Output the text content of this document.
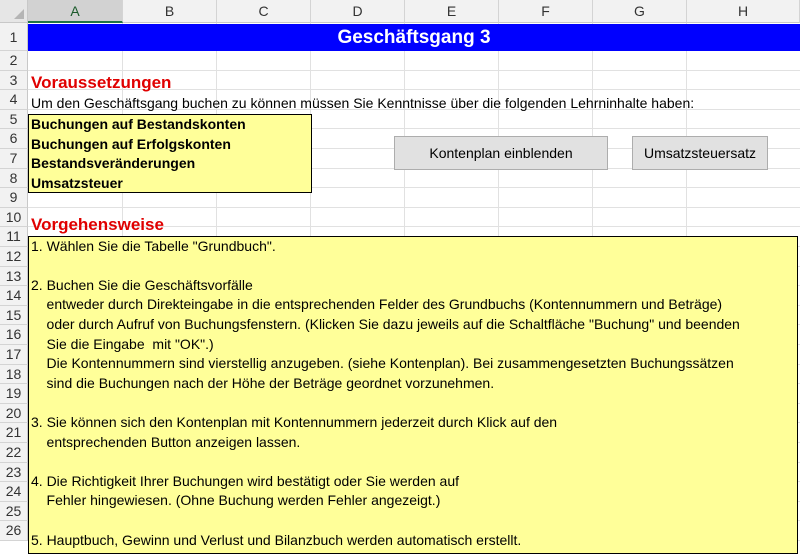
A	B	C	D	E	F	G	H
1
2
3
4
5
6
7
8
9
10
11
12
13
14
15
16
17
18
19
20
21
22
23
24
25
26
Geschäftsgang 3
Voraussetzungen
Um den Geschäftsgang buchen zu können müssen Sie Kenntnisse über die folgenden Lehrninhalte haben:
Buchungen auf Bestandskonten
Buchungen auf Erfolgskonten
Bestandsveränderungen
Umsatzsteuer
Kontenplan einblenden	Umsatzsteuersatz
Vorgehensweise
1. Wählen Sie die Tabelle "Grundbuch".
2. Buchen Sie die Geschäftsvorfälle
entweder durch Direkteingabe in die entsprechenden Felder des Grundbuchs (Kontennummern und Beträge)
oder durch Aufruf von Buchungsfenstern. (Klicken Sie dazu jeweils auf die Schaltfläche "Buchung" und beenden
Sie die Eingabe  mit "OK".)
Die Kontennummern sind vierstellig anzugeben. (siehe Kontenplan). Bei zusammengesetzten Buchungssätzen
sind die Buchungen nach der Höhe der Beträge geordnet vorzunehmen.
3. Sie können sich den Kontenplan mit Kontennummern jederzeit durch Klick auf den
entsprechenden Button anzeigen lassen.
4. Die Richtigkeit Ihrer Buchungen wird bestätigt oder Sie werden auf
Fehler hingewiesen. (Ohne Buchung werden Fehler angezeigt.)
5. Hauptbuch, Gewinn und Verlust und Bilanzbuch werden automatisch erstellt.
